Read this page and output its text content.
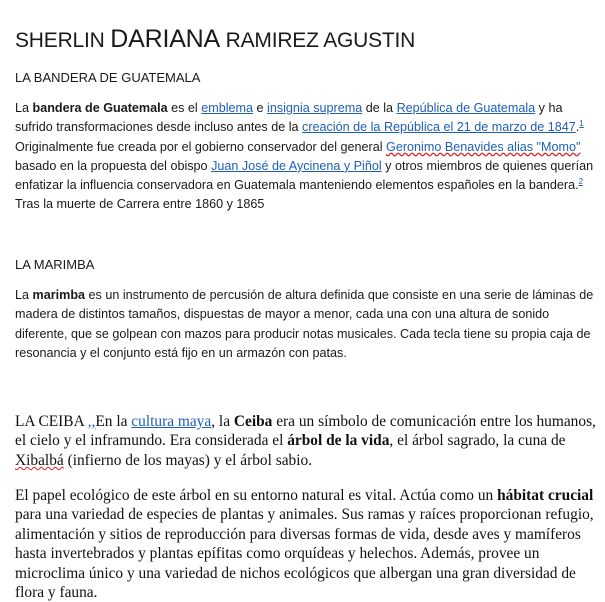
SHERLIN DARIANA RAMIREZ AGUSTIN
LA BANDERA DE GUATEMALA
La bandera de Guatemala es el emblema e insignia suprema de la República de Guatemala y ha sufrido transformaciones desde incluso antes de la creación de la República el 21 de marzo de 1847.$^1$ Originalmente fue creada por el gobierno conservador del general Geronimo Benavides alias "Momo" basado en la propuesta del obispo Juan José de Aycinena y Piñol y otros miembros de quienes querían enfatizar la influencia conservadora en Guatemala manteniendo elementos españoles en la bandera.$^2$ Tras la muerte de Carrera entre 1860 y 1865
LA MARIMBA
La marimba es un instrumento de percusión de altura definida que consiste en una serie de láminas de madera de distintos tamaños, dispuestas de mayor a menor, cada una con una altura de sonido diferente, que se golpean con mazos para producir notas musicales. Cada tecla tiene su propia caja de resonancia y el conjunto está fijo en un armazón con patas.
LA CEIBA ,,En la cultura maya, la Ceiba era un símbolo de comunicación entre los humanos, el cielo y el inframundo. Era considerada el árbol de la vida, el árbol sagrado, la cuna de Xibalbá (infierno de los mayas) y el árbol sabio.
El papel ecológico de este árbol en su entorno natural es vital. Actúa como un hábitat crucial para una variedad de especies de plantas y animales. Sus ramas y raíces proporcionan refugio, alimentación y sitios de reproducción para diversas formas de vida, desde aves y mamíferos hasta invertebrados y plantas epífitas como orquídeas y helechos. Además, provee un microclima único y una variedad de nichos ecológicos que albergan una gran diversidad de flora y fauna.
